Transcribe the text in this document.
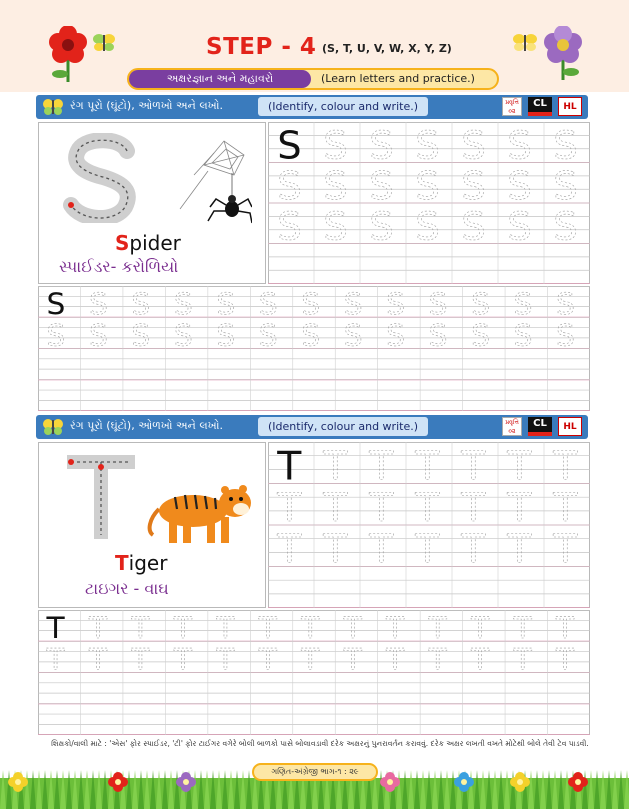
STEP - 4 (S, T, U, V, W, X, Y, Z)
અક્ષરજ્ઞાન અને મહાવરો	(Learn letters and practice.)
રંગ પૂરો (ઘૂંટો), ઓળખો અને લખો.	(Identify, colour and write.)	પ્રવૃત્તિ ૦૨
CL	HL
Spider
સ્પાઈડર- કરોળિયો
S S S S S S S
S S S S S S S
S S S S S S S
S S S S S S S S S S S S S
S S S S S S S S S S S S S
રંગ પૂરો (ઘૂંટો), ઓળખો અને લખો.	(Identify, colour and write.)	પ્રવૃત્તિ ૦૨
CL	HL
Tiger
ટાઇગર - વાઘ
T T T T T T T
T T T T T T T
T T T T T T T
T T T T T T T T T T T T T
T T T T T T T T T T T T T
શિક્ષકો/વાલી માટે : 'એસ' ફોર સ્પાઈડર, 'ટી' ફોર ટાઈગર વગેરે બોલી બાળકો પાસે બોલાવડાવી દરેક અક્ષરનું પુનરાવર્તન કરાવવું. દરેક અક્ષર લખતી વખતે મોટેથી બોલે તેવી ટેવ પાડવી.
ગણિત-અંગ્રેજી ભાગ-૧ : ૨૯
